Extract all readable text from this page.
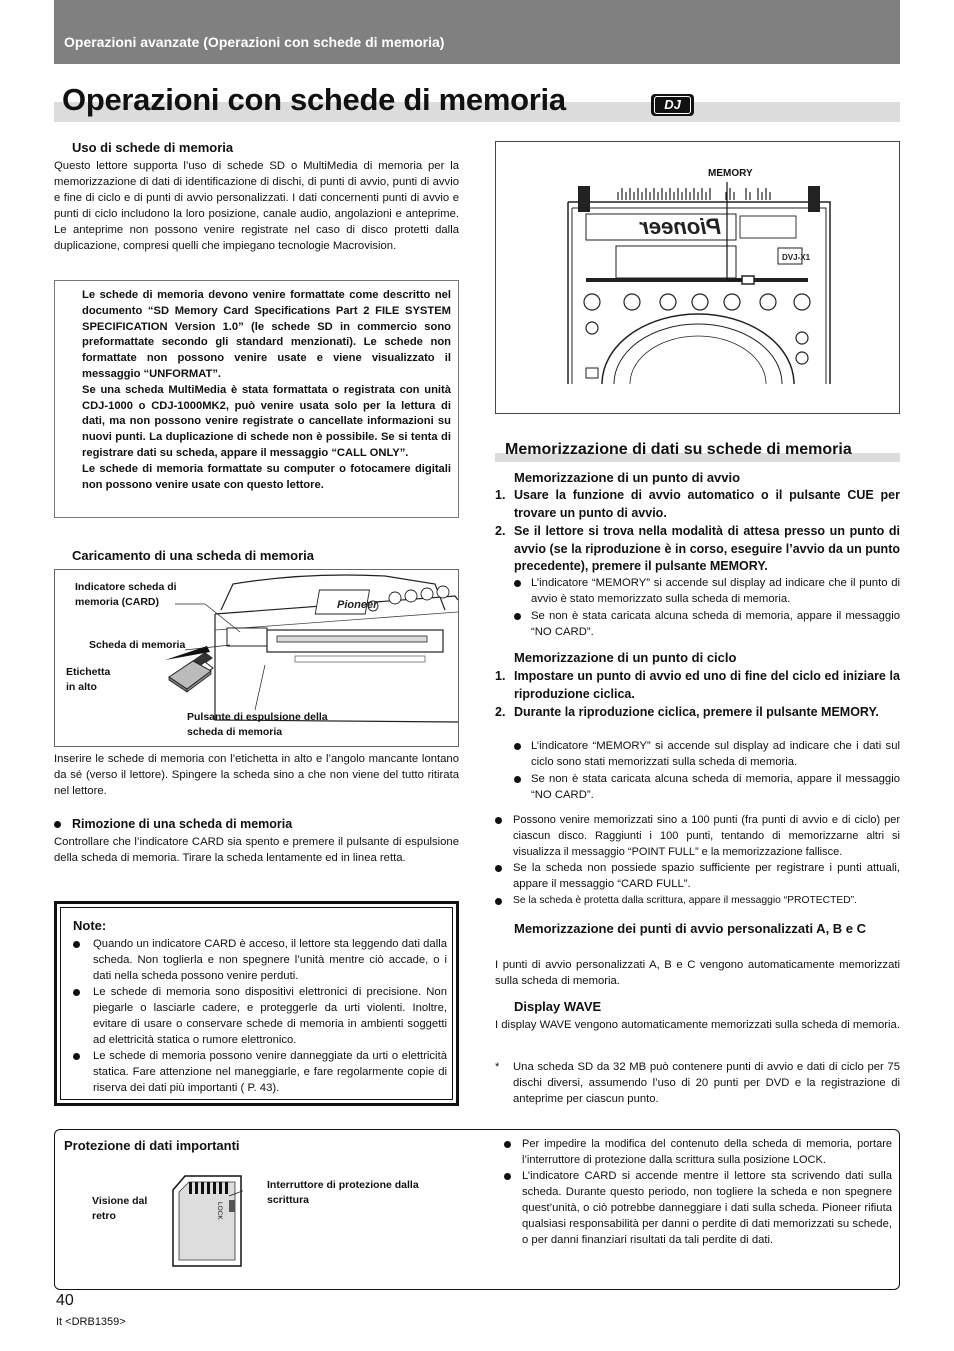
Operazioni avanzate (Operazioni con schede di memoria)
Operazioni con schede di memoria	DJ
Uso di schede di memoria
Questo lettore supporta l’uso di schede SD o MultiMedia di memoria per la memorizzazione di dati di identificazione di dischi, di punti di avvio, punti di avvio e fine di ciclo e di punti di avvio personalizzati. I dati concernenti punti di avvio e punti di ciclo includono la loro posizione, canale audio, angolazioni e anteprime. Le anteprime non possono venire registrate nel caso di disco protetti dalla duplicazione, compresi quelli che impiegano tecnologie Macrovision.

Le schede di memoria devono venire formattate come descritto nel documento “SD Memory Card Specifications Part 2 FILE SYSTEM SPECIFICATION Version 1.0” (le schede SD in commercio sono preformattate secondo gli standard menzionati). Le schede non formattate non possono venire usate e viene visualizzato il messaggio “UNFORMAT”.
Se una scheda MultiMedia è stata formattata o registrata con unità CDJ-1000 o CDJ-1000MK2, può venire usata solo per la lettura di dati, ma non possono venire registrate o cancellate informazioni su nuovi punti. La duplicazione di schede non è possibile. Se si tenta di registrare dati su scheda, appare il messaggio “CALL ONLY”.
Le schede di memoria formattate su computer o fotocamere digitali non possono venire usate con questo lettore.

Caricamento di una scheda di memoria
Pioneer
Indicatore scheda di
memoria (CARD)
Scheda di memoria
Etichetta
in alto
Pulsante di espulsione della
scheda di memoria
Inserire le schede di memoria con l’etichetta in alto e l’angolo mancante lontano da sé (verso il lettore). Spingere la scheda sino a che non viene del tutto ritirata nel lettore.
Rimozione di una scheda di memoria
Controllare che l’indicatore CARD sia spento e premere il pulsante di espulsione della scheda di memoria. Tirare la scheda lentamente ed in linea retta.
Note:
Quando un indicatore CARD è acceso, il lettore sta leggendo dati dalla scheda. Non toglierla e non spegnere l’unità mentre ciò accade, o i dati nella scheda possono venire perduti.
Le schede di memoria sono dispositivi elettronici di precisione. Non piegarle o lasciarle cadere, e proteggerle da urti violenti. Inoltre, evitare di usare o conservare schede di memoria in ambienti soggetti ad elettricità statica o rumore elettronico.
Le schede di memoria possono venire danneggiate da urti o elettricità statica. Fare attenzione nel maneggiarle, e fare regolarmente copie di riserva dei dati più importanti ( P. 43).
Pioneer
DVJ-X1
MEMORY
Memorizzazione di dati su schede di memoria
Memorizzazione di un punto di avvio
1. Usare la funzione di avvio automatico o il pulsante CUE per trovare un punto di avvio.
2. Se il lettore si trova nella modalità di attesa presso un punto di avvio (se la riproduzione è in corso, eseguire l’avvio da un punto precedente), premere il pulsante MEMORY.
L’indicatore “MEMORY” si accende sul display ad indicare che il punto di avvio è stato memorizzato sulla scheda di memoria.
Se non è stata caricata alcuna scheda di memoria, appare il messaggio “NO CARD”.
Memorizzazione di un punto di ciclo
1. Impostare un punto di avvio ed uno di fine del ciclo ed iniziare la riproduzione ciclica.
2. Durante la riproduzione ciclica, premere il pulsante MEMORY.
L’indicatore “MEMORY” si accende sul display ad indicare che i dati sul ciclo sono stati memorizzati sulla scheda di memoria.
Se non è stata caricata alcuna scheda di memoria, appare il messaggio “NO CARD”.
Possono venire memorizzati sino a 100 punti (fra punti di avvio e di ciclo) per ciascun disco. Raggiunti i 100 punti, tentando di memorizzarne altri si visualizza il messaggio “POINT FULL” e la memorizzazione fallisce.
Se la scheda non possiede spazio sufficiente per registrare i punti attuali, appare il messaggio “CARD FULL”.
Se la scheda è protetta dalla scrittura, appare il messaggio “PROTECTED”.
Memorizzazione dei punti di avvio personalizzati A, B e C
I punti di avvio personalizzati A, B e C vengono automaticamente memorizzati sulla scheda di memoria.
Display WAVE
I display WAVE vengono automaticamente memorizzati sulla scheda di memoria.
*	Una scheda SD da 32 MB può contenere punti di avvio e dati di ciclo per 75 dischi diversi, assumendo l’uso di 20 punti per DVD e la registrazione di anteprime per ciascun punto.
Protezione di dati importanti
Visione dal
retro
Interruttore di protezione dalla
scrittura
LOCK
Per impedire la modifica del contenuto della scheda di memoria, portare l’interruttore di protezione dalla scrittura sulla posizione LOCK.
L’indicatore CARD si accende mentre il lettore sta scrivendo dati sulla scheda. Durante questo periodo, non togliere la scheda e non spegnere quest’unità, o ciò potrebbe danneggiare i dati sulla scheda. Pioneer rifiuta qualsiasi responsabilità per danni o perdite di dati memorizzati su schede, o per danni finanziari risultati da tali perdite di dati.
40
It <DRB1359>
